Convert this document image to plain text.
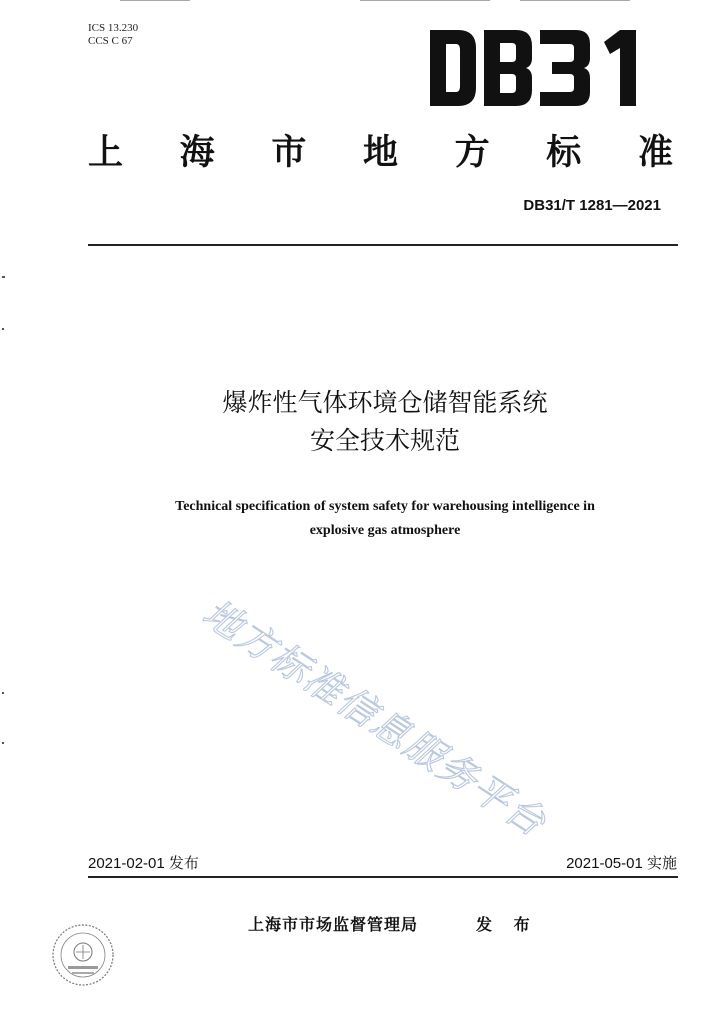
ICS 13.230
CCS C 67
DB31
上 海 市 地 方 标 准
DB31/T 1281—2021
爆炸性气体环境仓储智能系统
安全技术规范
Technical specification of system safety for warehousing intelligence in
explosive gas atmosphere
地方标准信息服务平台
2021-02-01 发布	2021-05-01 实施
上海市市场监督管理局	发 布
